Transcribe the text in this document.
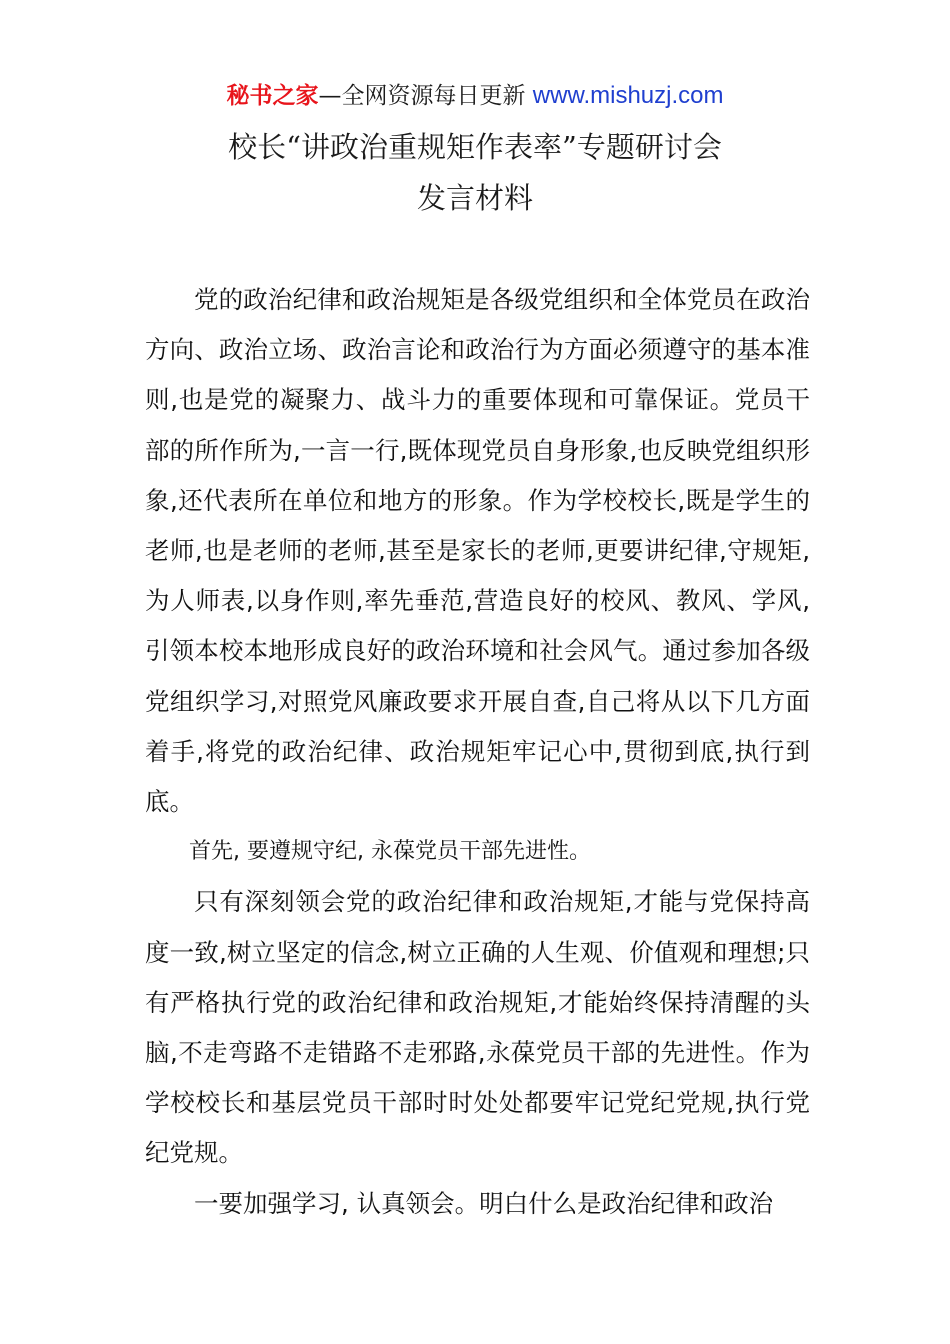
秘书之家—全网资源每日更新 www.mishuzj.com
校长“讲政治重规矩作表率”专题研讨会
发言材料

党的政治纪律和政治规矩是各级党组织和全体党员在政治方向、政治立场、政治言论和政治行为方面必须遵守的基本准则,也是党的凝聚力、战斗力的重要体现和可靠保证。党员干部的所作所为,一言一行,既体现党员自身形象,也反映党组织形象,还代表所在单位和地方的形象。作为学校校长,既是学生的老师,也是老师的老师,甚至是家长的老师,更要讲纪律,守规矩,为人师表,以身作则,率先垂范,营造良好的校风、教风、学风,引领本校本地形成良好的政治环境和社会风气。通过参加各级党组织学习,对照党风廉政要求开展自查,自己将从以下几方面着手,将党的政治纪律、政治规矩牢记心中,贯彻到底,执行到底。

首先, 要遵规守纪, 永葆党员干部先进性。

只有深刻领会党的政治纪律和政治规矩,才能与党保持高度一致,树立坚定的信念,树立正确的人生观、价值观和理想;只有严格执行党的政治纪律和政治规矩,才能始终保持清醒的头脑,不走弯路不走错路不走邪路,永葆党员干部的先进性。作为学校校长和基层党员干部时时处处都要牢记党纪党规,执行党纪党规。

一要加强学习, 认真领会。明白什么是政治纪律和政治
